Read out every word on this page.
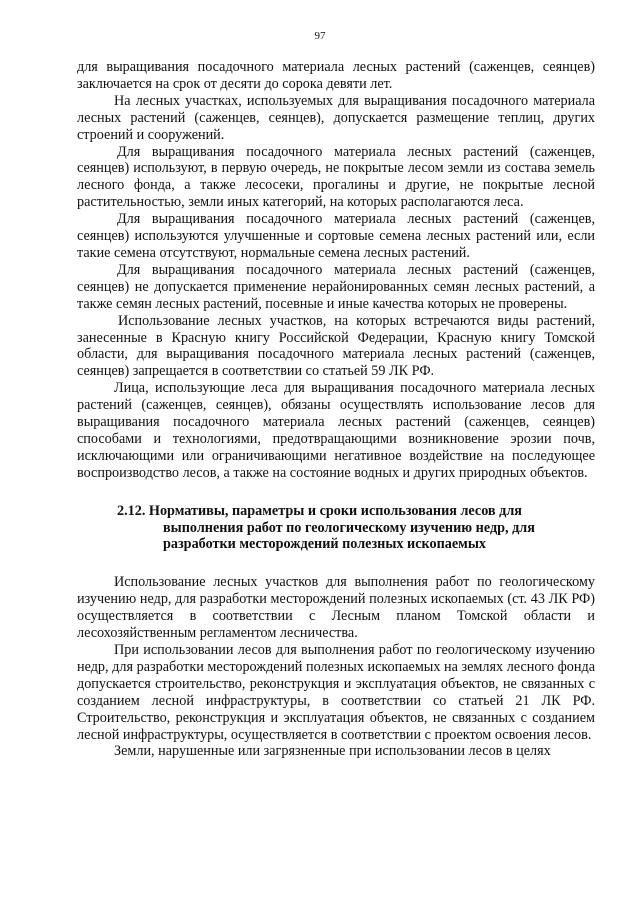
97

для выращивания посадочного материала лесных растений (саженцев, сеянцев) заключается на срок от десяти до сорока девяти лет.

На лесных участках, используемых для выращивания посадочного материала лесных растений (саженцев, сеянцев), допускается размещение теплиц, других строений и сооружений.

Для выращивания посадочного материала лесных растений (саженцев, сеянцев) используют, в первую очередь, не покрытые лесом земли из состава земель лесного фонда, а также лесосеки, прогалины и другие, не покрытые лесной растительностью, земли иных категорий, на которых располагаются леса.

Для выращивания посадочного материала лесных растений (саженцев, сеянцев) используются улучшенные и сортовые семена лесных растений или, если такие семена отсутствуют, нормальные семена лесных растений.

Для выращивания посадочного материала лесных растений (саженцев, сеянцев) не допускается применение нерайонированных семян лесных растений, а также семян лесных растений, посевные и иные качества которых не проверены.

Использование лесных участков, на которых встречаются виды растений, занесенные в Красную книгу Российской Федерации, Красную книгу Томской области, для выращивания посадочного материала лесных растений (саженцев, сеянцев) запрещается в соответствии со статьей 59 ЛК РФ.

Лица, использующие леса для выращивания посадочного материала лесных растений (саженцев, сеянцев), обязаны осуществлять использование лесов для выращивания посадочного материала лесных растений (саженцев, сеянцев) способами и технологиями, предотвращающими возникновение эрозии почв, исключающими или ограничивающими негативное воздействие на последующее воспроизводство лесов, а также на состояние водных и других природных объектов.

2.12. Нормативы, параметры и сроки использования лесов для
выполнения работ по геологическому изучению недр, для
разработки месторождений полезных ископаемых

Использование лесных участков для выполнения работ по геологическому изучению недр, для разработки месторождений полезных ископаемых (ст. 43 ЛК РФ) осуществляется в соответствии с Лесным планом Томской области и лесохозяйственным регламентом лесничества.

При использовании лесов для выполнения работ по геологическому изучению недр, для разработки месторождений полезных ископаемых на землях лесного фонда допускается строительство, реконструкция и эксплуатация объектов, не связанных с созданием лесной инфраструктуры, в соответствии со статьей 21 ЛК РФ. Строительство, реконструкция и эксплуатация объектов, не связанных с созданием лесной инфраструктуры, осуществляется в соответствии с проектом освоения лесов.

Земли, нарушенные или загрязненные при использовании лесов в целях
